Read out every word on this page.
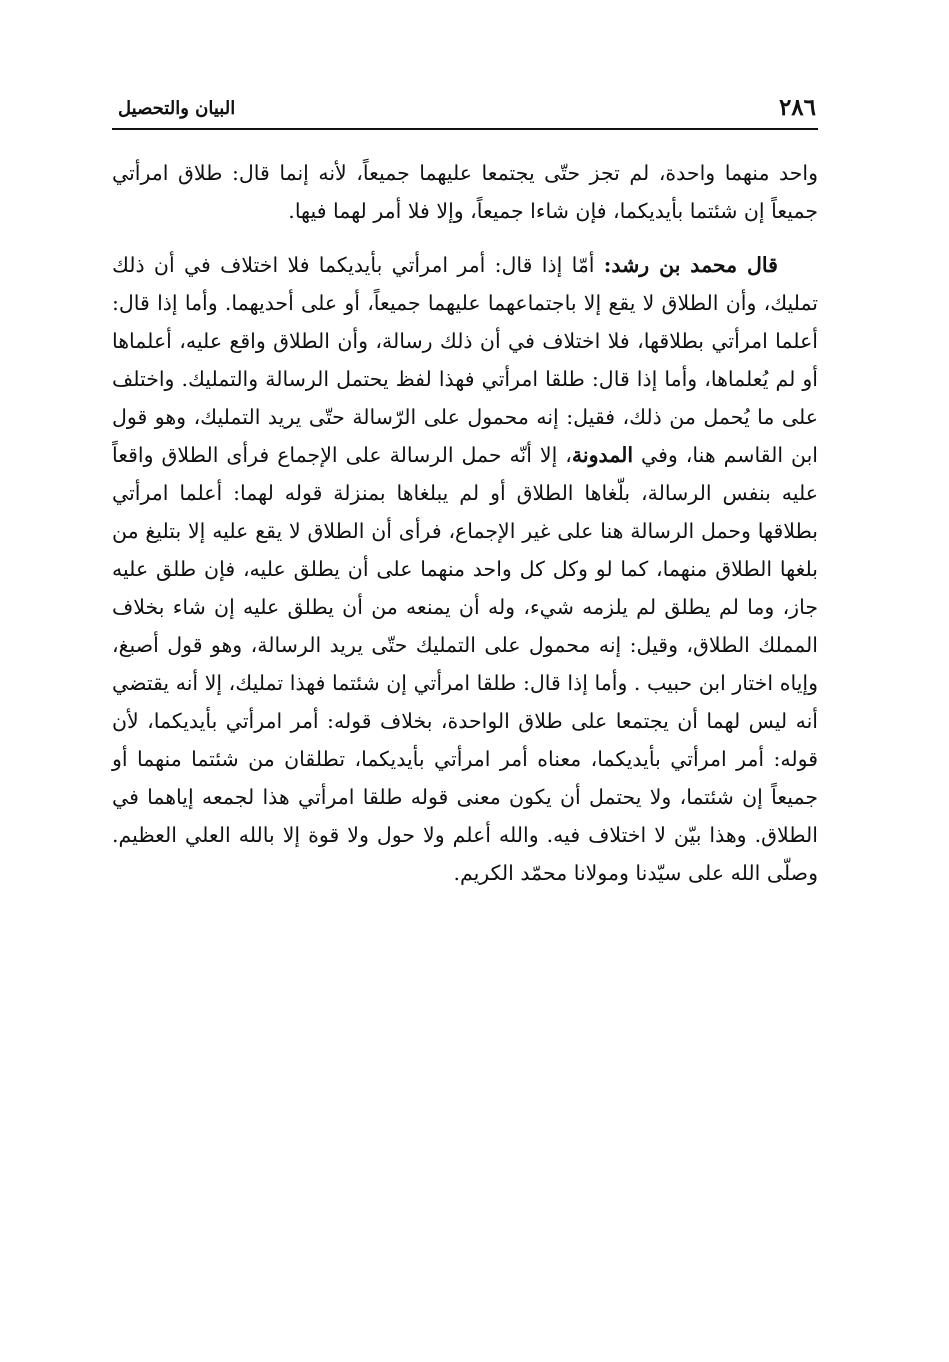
٢٨٦
البيان والتحصيل

واحد منهما واحدة، لم تجز حتّى يجتمعا عليهما جميعاً، لأنه إنما قال: طلاق امرأتي جميعاً إن شئتما بأيديكما، فإن شاءا جميعاً، وإلا فلا أمر لهما فيها.

قال محمد بن رشد: أمّا إذا قال: أمر امرأتي بأيديكما فلا اختلاف في أن ذلك تمليك، وأن الطلاق لا يقع إلا باجتماعهما عليهما جميعاً، أو على أحديهما. وأما إذا قال: أعلما امرأتي بطلاقها، فلا اختلاف في أن ذلك رسالة، وأن الطلاق واقع عليه، أعلماها أو لم يُعلماها، وأما إذا قال: طلقا امرأتي فهذا لفظ يحتمل الرسالة والتمليك. واختلف على ما يُحمل من ذلك، فقيل: إنه محمول على الرّسالة حتّى يريد التمليك، وهو قول ابن القاسم هنا، وفي المدونة، إلا أنّه حمل الرسالة على الإجماع فرأى الطلاق واقعاً عليه بنفس الرسالة، بلّغاها الطلاق أو لم يبلغاها بمنزلة قوله لهما: أعلما امرأتي بطلاقها وحمل الرسالة هنا على غير الإجماع، فرأى أن الطلاق لا يقع عليه إلا بتليغ من بلغها الطلاق منهما، كما لو وكل كل واحد منهما على أن يطلق عليه، فإن طلق عليه جاز، وما لم يطلق لم يلزمه شيء، وله أن يمنعه من أن يطلق عليه إن شاء بخلاف المملك الطلاق، وقيل: إنه محمول على التمليك حتّى يريد الرسالة، وهو قول أصبغ، وإياه اختار ابن حبيب . وأما إذا قال: طلقا امرأتي إن شئتما فهذا تمليك، إلا أنه يقتضي أنه ليس لهما أن يجتمعا على طلاق الواحدة، بخلاف قوله: أمر امرأتي بأيديكما، لأن قوله: أمر امرأتي بأيديكما، معناه أمر امرأتي بأيديكما، تطلقان من شئتما منهما أو جميعاً إن شئتما، ولا يحتمل أن يكون معنى قوله طلقا امرأتي هذا لجمعه إياهما في الطلاق. وهذا بيّن لا اختلاف فيه. والله أعلم ولا حول ولا قوة إلا بالله العلي العظيم. وصلّى الله على سيّدنا ومولانا محمّد الكريم.
